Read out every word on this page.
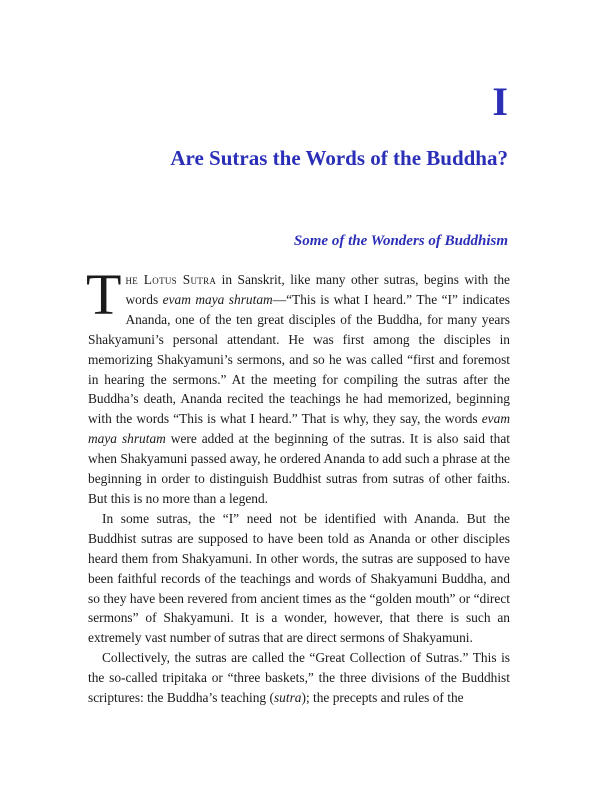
I
Are Sutras the Words of the Buddha?
Some of the Wonders of Buddhism

The Lotus Sutra in Sanskrit, like many other sutras, begins with the words evam maya shrutam—“This is what I heard.” The “I” indicates Ananda, one of the ten great disciples of the Buddha, for many years Shakyamuni’s personal attendant. He was first among the disciples in memorizing Shakyamuni’s sermons, and so he was called “first and foremost in hearing the sermons.” At the meeting for compiling the sutras after the Buddha’s death, Ananda recited the teachings he had memorized, beginning with the words “This is what I heard.” That is why, they say, the words evam maya shrutam were added at the beginning of the sutras. It is also said that when Shakyamuni passed away, he ordered Ananda to add such a phrase at the beginning in order to distinguish Buddhist sutras from sutras of other faiths. But this is no more than a legend.

In some sutras, the “I” need not be identified with Ananda. But the Buddhist sutras are supposed to have been told as Ananda or other disciples heard them from Shakyamuni. In other words, the sutras are supposed to have been faithful records of the teachings and words of Shakyamuni Buddha, and so they have been revered from ancient times as the “golden mouth” or “direct sermons” of Shakyamuni. It is a wonder, however, that there is such an extremely vast number of sutras that are direct sermons of Shakyamuni.

Collectively, the sutras are called the “Great Collection of Sutras.” This is the so-called tripitaka or “three baskets,” the three divisions of the Buddhist scriptures: the Buddha’s teaching (sutra); the precepts and rules of the
